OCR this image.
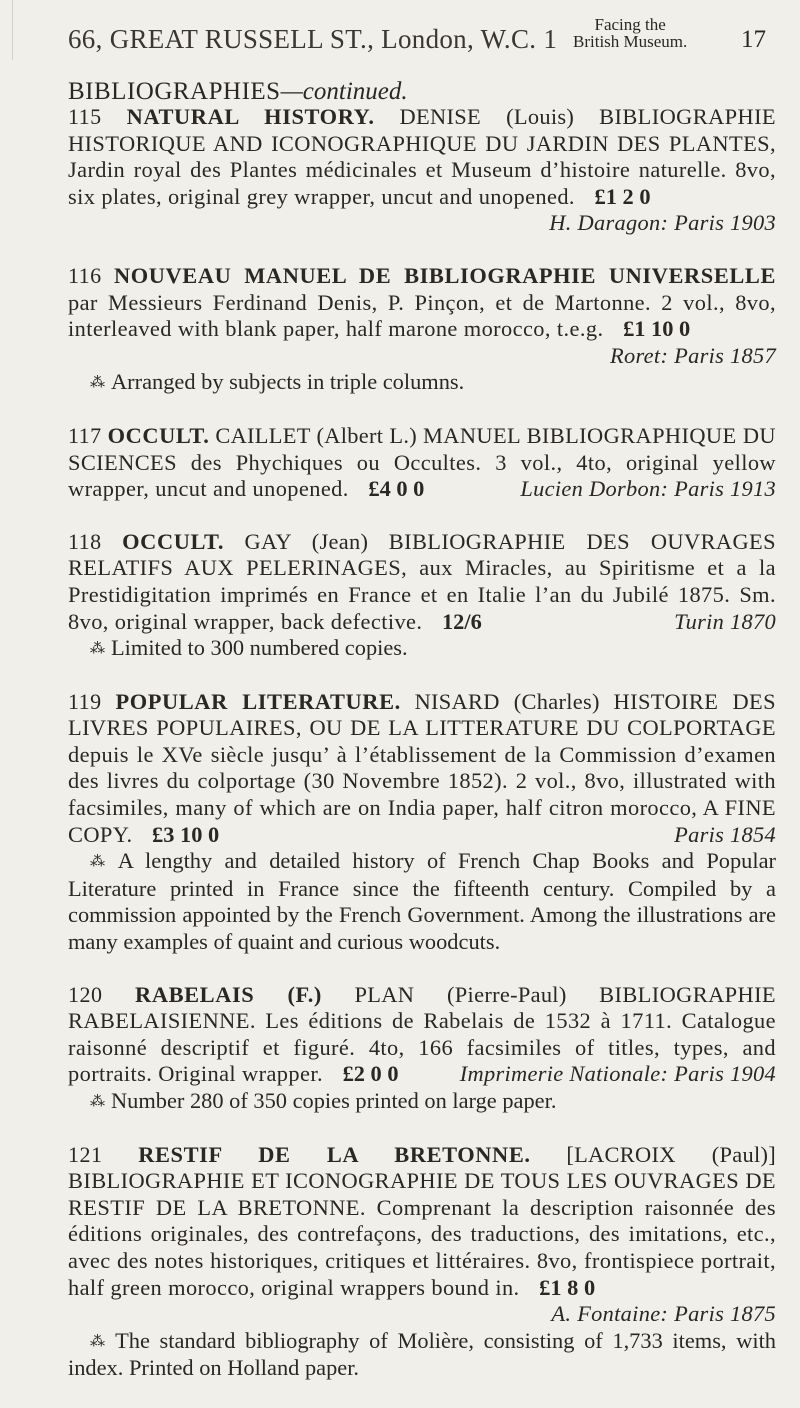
66, GREAT RUSSELL ST., London, W.C. 1	Facing the
British Museum. 17
BIBLIOGRAPHIES—continued.

115 NATURAL HISTORY. DENISE (Louis) BIBLIOGRAPHIE HISTORIQUE AND ICONOGRAPHIQUE DU JARDIN DES PLANTES, Jardin royal des Plantes médicinales et Museum d’histoire naturelle. 8vo, six plates, original grey wrapper, uncut and unopened. £1 2 0
H. Daragon: Paris 1903

116 NOUVEAU MANUEL DE BIBLIOGRAPHIE UNIVERSELLE par Messieurs Ferdinand Denis, P. Pinçon, et de Martonne. 2 vol., 8vo, interleaved with blank paper, half marone morocco, t.e.g. £1 10 0
Roret: Paris 1857

⁂ Arranged by subjects in triple columns.

117 OCCULT. CAILLET (Albert L.) MANUEL BIBLIOGRAPHIQUE DU SCIENCES des Phychiques ou Occultes. 3 vol., 4to, original yellow wrapper, uncut and unopened. £4 0 0	Lucien Dorbon: Paris 1913

118 OCCULT. GAY (Jean) BIBLIOGRAPHIE DES OUVRAGES RELATIFS AUX PELERINAGES, aux Miracles, au Spiritisme et a la Prestidigitation imprimés en France et en Italie l’an du Jubilé 1875. Sm. 8vo, original wrapper, back defective. 12/6	Turin 1870

⁂ Limited to 300 numbered copies.

119 POPULAR LITERATURE. NISARD (Charles) HISTOIRE DES LIVRES POPULAIRES, OU DE LA LITTERATURE DU COLPORTAGE depuis le XVe siècle jusqu’ à l’établissement de la Commission d’examen des livres du colportage (30 Novembre 1852). 2 vol., 8vo, illustrated with facsimiles, many of which are on India paper, half citron morocco, A FINE COPY. £3 10 0	Paris 1854

⁂ A lengthy and detailed history of French Chap Books and Popular Literature printed in France since the fifteenth century. Compiled by a commission appointed by the French Government. Among the illustrations are many examples of quaint and curious woodcuts.

120 RABELAIS (F.) PLAN (Pierre-Paul) BIBLIOGRAPHIE RABELAISIENNE. Les éditions de Rabelais de 1532 à 1711. Catalogue raisonné descriptif et figuré. 4to, 166 facsimiles of titles, types, and portraits. Original wrapper. £2 0 0	Imprimerie Nationale: Paris 1904

⁂ Number 280 of 350 copies printed on large paper.

121 RESTIF DE LA BRETONNE. [LACROIX (Paul)] BIBLIOGRAPHIE ET ICONOGRAPHIE DE TOUS LES OUVRAGES DE RESTIF DE LA BRETONNE. Comprenant la description raisonnée des éditions originales, des contrefaçons, des traductions, des imitations, etc., avec des notes historiques, critiques et littéraires. 8vo, frontispiece portrait, half green morocco, original wrappers bound in. £1 8 0
A. Fontaine: Paris 1875

⁂ The standard bibliography of Molière, consisting of 1,733 items, with index. Printed on Holland paper.
